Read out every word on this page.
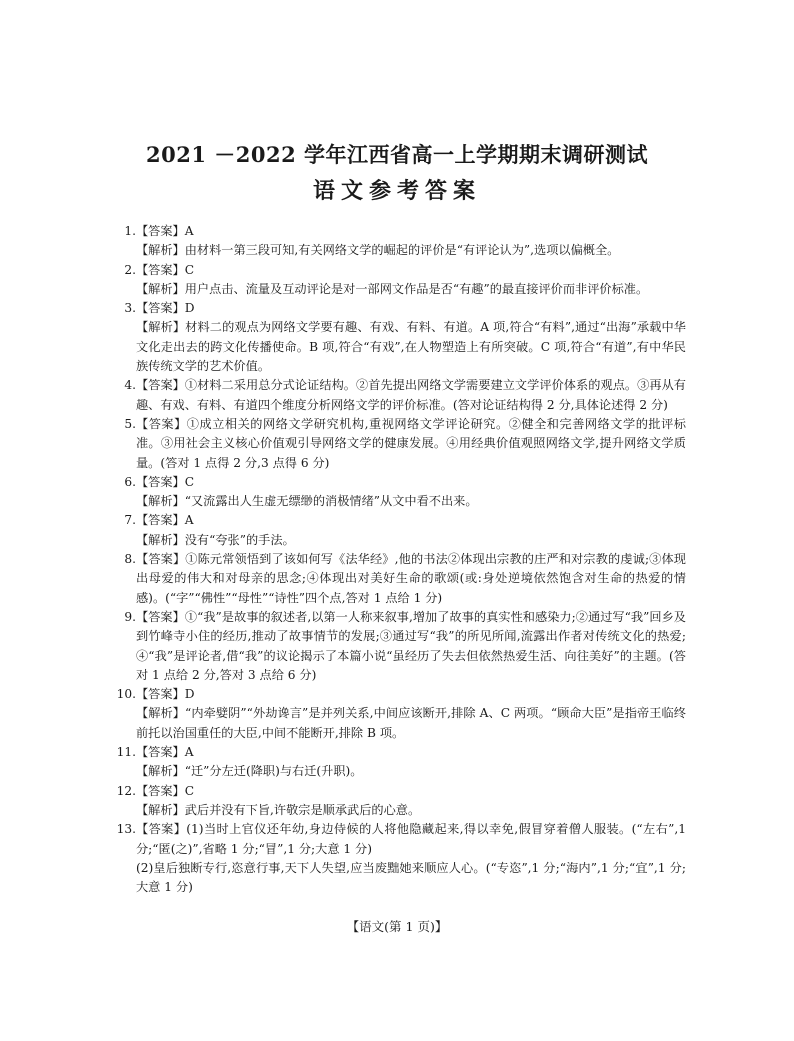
2021 －2022 学年江西省高一上学期期末调研测试
语文参考答案
1. 【答案】A
【解析】由材料一第三段可知,有关网络文学的崛起的评价是“有评论认为”,选项以偏概全。
2. 【答案】C
【解析】用户点击、流量及互动评论是对一部网文作品是否“有趣”的最直接评价而非评价标准。
3. 【答案】D
【解析】材料二的观点为网络文学要有趣、有戏、有料、有道。A 项,符合“有料”,通过“出海”承载中华文化走出去的跨文化传播使命。B 项,符合“有戏”,在人物塑造上有所突破。C 项,符合“有道”,有中华民族传统文学的艺术价值。
4. 【答案】①材料二采用总分式论证结构。②首先提出网络文学需要建立文学评价体系的观点。③再从有趣、有戏、有料、有道四个维度分析网络文学的评价标准。(答对论证结构得 2 分,具体论述得 2 分)
5. 【答案】①成立相关的网络文学研究机构,重视网络文学评论研究。②健全和完善网络文学的批评标准。③用社会主义核心价值观引导网络文学的健康发展。④用经典价值观照网络文学,提升网络文学质量。(答对 1 点得 2 分,3 点得 6 分)
6. 【答案】C
【解析】“又流露出人生虚无缥缈的消极情绪”从文中看不出来。
7. 【答案】A
【解析】没有“夸张”的手法。
8. 【答案】①陈元常领悟到了该如何写《法华经》,他的书法②体现出宗教的庄严和对宗教的虔诚;③体现出母爱的伟大和对母亲的思念;④体现出对美好生命的歌颂(或:身处逆境依然饱含对生命的热爱的情感)。(“字”“佛性”“母性”“诗性”四个点,答对 1 点给 1 分)
9. 【答案】①“我”是故事的叙述者,以第一人称来叙事,增加了故事的真实性和感染力;②通过写“我”回乡及到竹峰寺小住的经历,推动了故事情节的发展;③通过写“我”的所见所闻,流露出作者对传统文化的热爱;④“我”是评论者,借“我”的议论揭示了本篇小说“虽经历了失去但依然热爱生活、向往美好”的主题。(答对 1 点给 2 分,答对 3 点给 6 分)
10. 【答案】D
【解析】“内牵嬖阴”“外劫谗言”是并列关系,中间应该断开,排除 A、C 两项。“顾命大臣”是指帝王临终前托以治国重任的大臣,中间不能断开,排除 B 项。
11. 【答案】A
【解析】“迁”分左迁(降职)与右迁(升职)。
12. 【答案】C
【解析】武后并没有下旨,许敬宗是顺承武后的心意。
13. 【答案】(1)当时上官仪还年幼,身边侍候的人将他隐藏起来,得以幸免,假冒穿着僧人服装。(“左右”,1 分;“匿(之)”,省略 1 分;“冒”,1 分;大意 1 分)
(2)皇后独断专行,恣意行事,天下人失望,应当废黜她来顺应人心。(“专恣”,1 分;“海内”,1 分;“宜”,1 分;大意 1 分)
【语文(第 1 页)】
